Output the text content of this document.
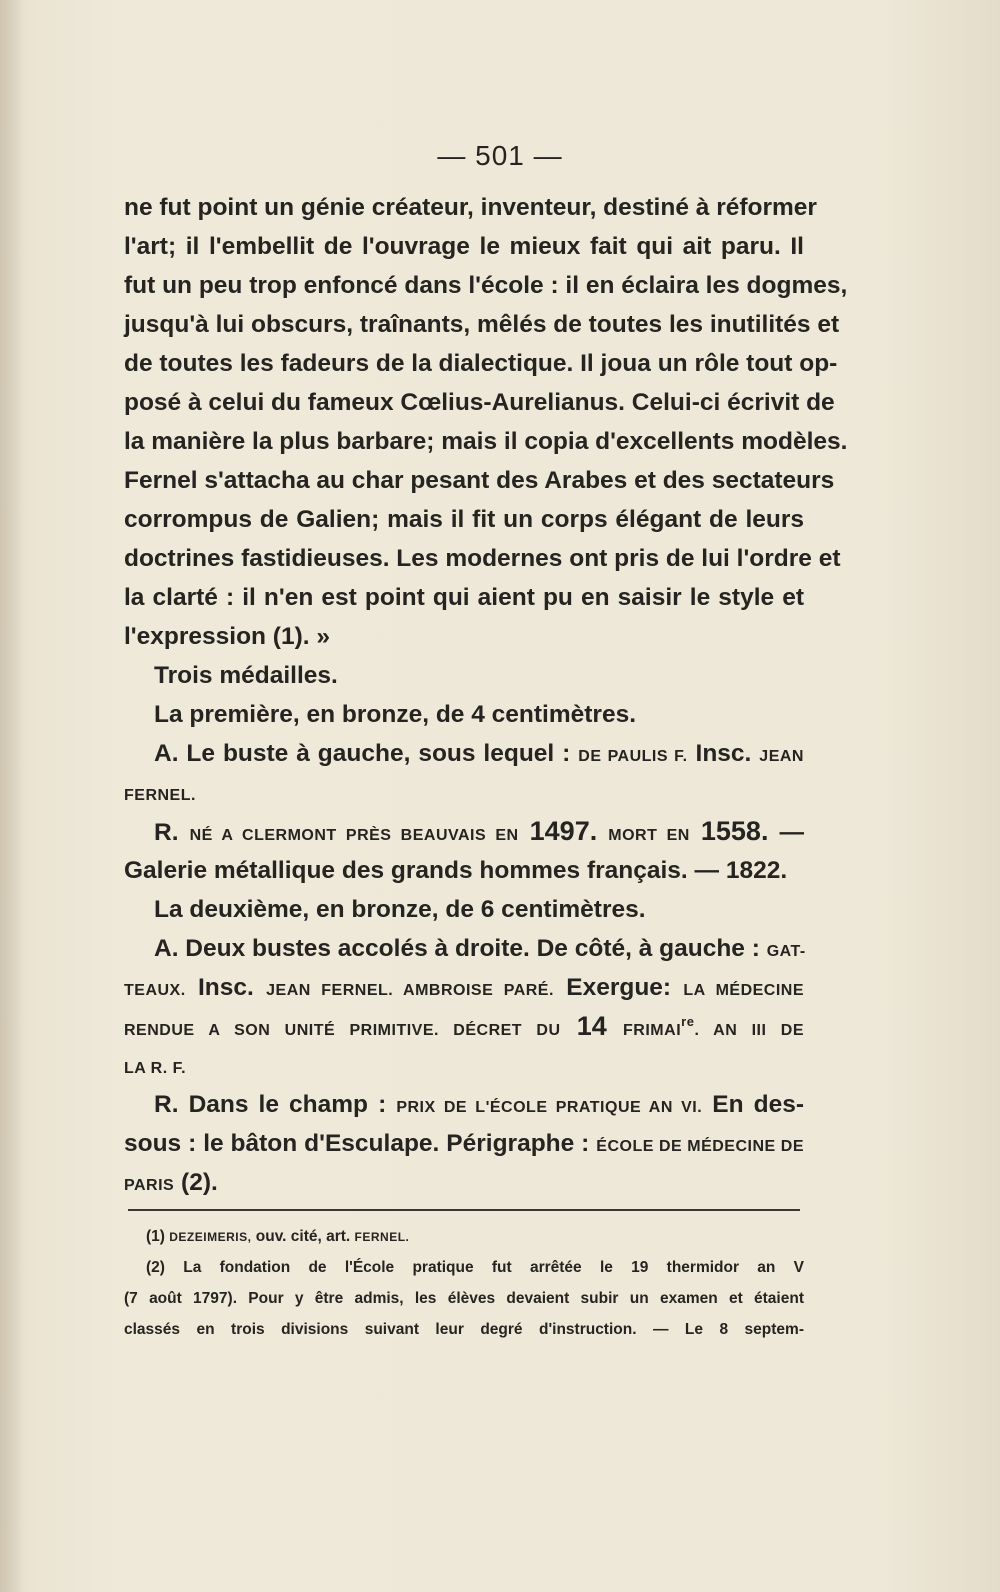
— 501 —
ne fut point un génie créateur, inventeur, destiné à réformer
l'art; il l'embellit de l'ouvrage le mieux fait qui ait paru. Il
fut un peu trop enfoncé dans l'école : il en éclaira les dogmes,
jusqu'à lui obscurs, traînants, mêlés de toutes les inutilités et
de toutes les fadeurs de la dialectique. Il joua un rôle tout op-
posé à celui du fameux Cœlius-Aurelianus. Celui-ci écrivit de
la manière la plus barbare; mais il copia d'excellents modèles.
Fernel s'attacha au char pesant des Arabes et des sectateurs
corrompus de Galien; mais il fit un corps élégant de leurs
doctrines fastidieuses. Les modernes ont pris de lui l'ordre et
la clarté : il n'en est point qui aient pu en saisir le style et
l'expression (1). »
Trois médailles.
La première, en bronze, de 4 centimètres.
A. Le buste à gauche, sous lequel : DE PAULIS F. Insc. JEAN
FERNEL.
R. NÉ A CLERMONT PRÈS BEAUVAIS EN 1497. MORT EN 1558. —
Galerie métallique des grands hommes français. — 1822.
La deuxième, en bronze, de 6 centimètres.
A. Deux bustes accolés à droite. De côté, à gauche : GAT-
TEAUX. Insc. JEAN FERNEL. AMBROISE PARÉ. Exergue: LA MÉDECINE
RENDUE A SON UNITÉ PRIMITIVE. DÉCRET DU 14 $FRIMAI^{re}$. AN III DE
LA R. F.
R. Dans le champ : PRIX DE L'ÉCOLE PRATIQUE AN VI. En des-
sous : le bâton d'Esculape. Périgraphe : ÉCOLE DE MÉDECINE DE
PARIS (2).
(1) DEZEIMERIS, ouv. cité, art. FERNEL.
(2) La fondation de l'École pratique fut arrêtée le 19 thermidor an V
(7 août 1797). Pour y être admis, les élèves devaient subir un examen et étaient
classés en trois divisions suivant leur degré d'instruction. — Le 8 septem-
